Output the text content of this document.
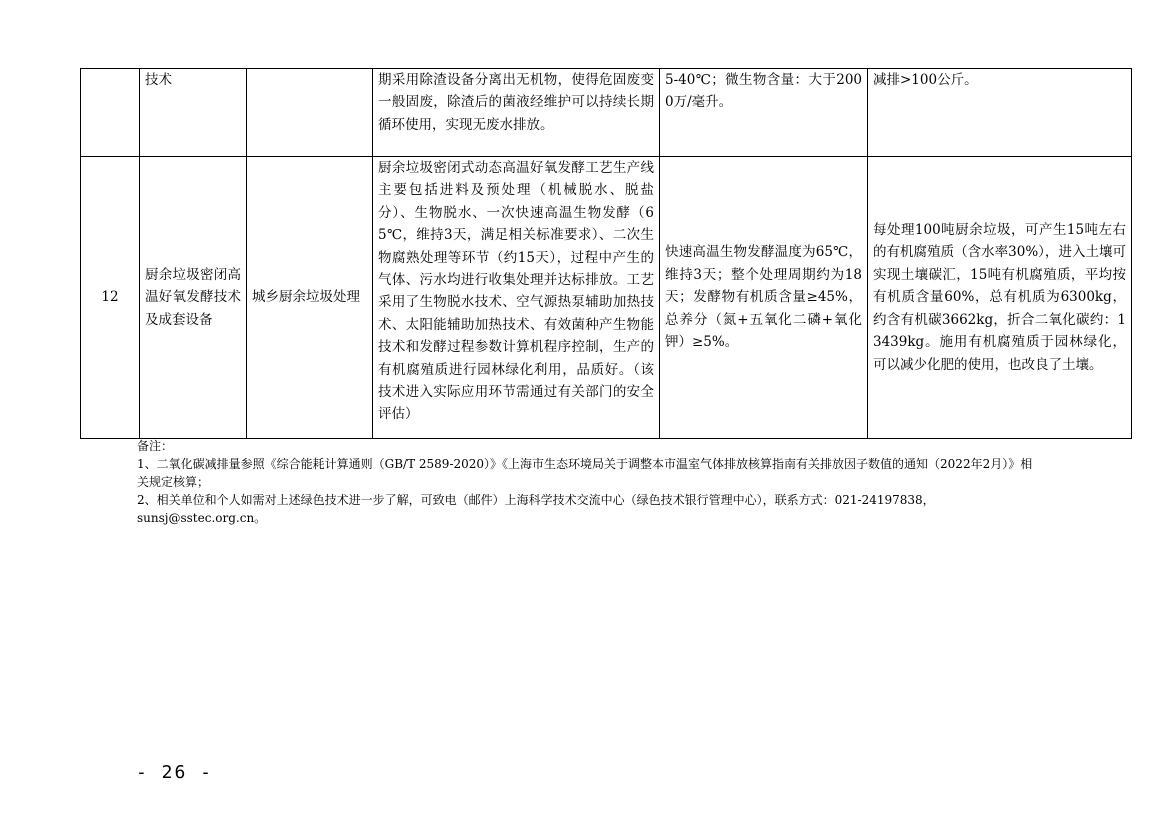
	技术		期采用除渣设备分离出无机物，使得危固废变一般固废，除渣后的菌液经维护可以持续长期循环使用，实现无废水排放。	5-40℃；微生物含量：大于2000万/毫升。	减排>100公斤。
12	厨余垃圾密闭高温好氧发酵技术及成套设备	城乡厨余垃圾处理	厨余垃圾密闭式动态高温好氧发酵工艺生产线主要包括进料及预处理（机械脱水、脱盐分）、生物脱水、一次快速高温生物发酵（65℃，维持3天，满足相关标准要求）、二次生物腐熟处理等环节（约15天），过程中产生的气体、污水均进行收集处理并达标排放。工艺采用了生物脱水技术、空气源热泵辅助加热技术、太阳能辅助加热技术、有效菌种产生物能技术和发酵过程参数计算机程序控制，生产的有机腐殖质进行园林绿化利用，品质好。（该技术进入实际应用环节需通过有关部门的安全评估）	快速高温生物发酵温度为65℃，维持3天；整个处理周期约为18天；发酵物有机质含量≥45%，总养分（氮+五氧化二磷+氧化钾）≥5%。	每处理100吨厨余垃圾，可产生15吨左右的有机腐殖质（含水率30%），进入土壤可实现土壤碳汇，15吨有机腐殖质，平均按有机质含量60%，总有机质为6300kg，约含有机碳3662kg，折合二氧化碳约：13439kg。施用有机腐殖质于园林绿化，可以减少化肥的使用，也改良了土壤。
备注：
1、二氧化碳减排量参照《综合能耗计算通则（GB/T 2589-2020）》《上海市生态环境局关于调整本市温室气体排放核算指南有关排放因子数值的通知（2022年2月）》相关规定核算；
2、相关单位和个人如需对上述绿色技术进一步了解，可致电（邮件）上海科学技术交流中心（绿色技术银行管理中心），联系方式：021-24197838，sunsj@sstec.org.cn。
- 26 -
